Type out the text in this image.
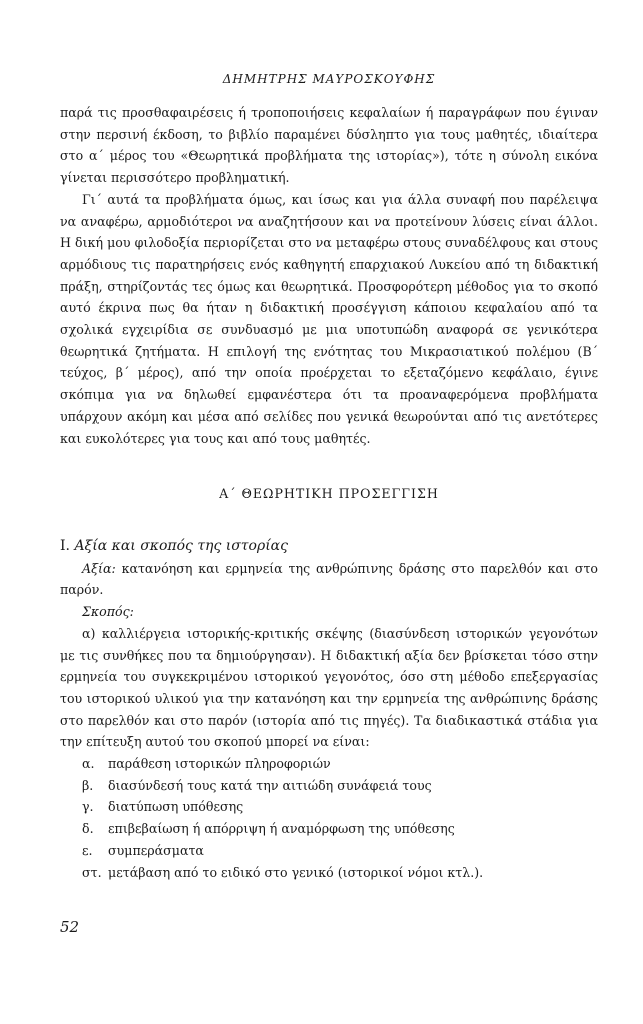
ΔΗΜΗΤΡΗΣ ΜΑΥΡΟΣΚΟΥΦΗΣ

παρά τις προσθαφαιρέσεις ή τροποποιήσεις κεφαλαίων ή παραγράφων που έγιναν στην περσινή έκδοση, το βιβλίο παραμένει δύσληπτο για τους μαθητές, ιδιαίτερα στο α΄ μέρος του «Θεωρητικά προβλήματα της ιστορίας»), τότε η σύνολη εικόνα γίνεται περισσότερο προβληματική.

Γι΄ αυτά τα προβλήματα όμως, και ίσως και για άλλα συναφή που παρέλειψα να αναφέρω, αρμοδιότεροι να αναζητήσουν και να προτείνουν λύσεις είναι άλλοι. Η δική μου φιλοδοξία περιορίζεται στο να μεταφέρω στους συναδέλφους και στους αρμόδιους τις παρατηρήσεις ενός καθηγητή επαρχιακού Λυκείου από τη διδακτική πράξη, στηρίζοντάς τες όμως και θεωρητικά. Προσφορότερη μέθοδος για το σκοπό αυτό έκρινα πως θα ήταν η διδακτική προσέγγιση κάποιου κεφαλαίου από τα σχολικά εγχειρίδια σε συνδυασμό με μια υποτυπώδη αναφορά σε γενικότερα θεωρητικά ζητήματα. Η επιλογή της ενότητας του Μικρασιατικού πολέμου (Β΄ τεύχος, β΄ μέρος), από την οποία προέρχεται το εξεταζόμενο κεφάλαιο, έγινε σκόπιμα για να δηλωθεί εμφανέστερα ότι τα προαναφερόμενα προβλήματα υπάρχουν ακόμη και μέσα από σελίδες που γενικά θεωρούνται από τις ανετότερες και ευκολότερες για τους και από τους μαθητές.

Α΄ ΘΕΩΡΗΤΙΚΗ ΠΡΟΣΕΓΓΙΣΗ

Ι. Αξία και σκοπός της ιστορίας

Αξία: κατανόηση και ερμηνεία της ανθρώπινης δράσης στο παρελθόν και στο παρόν.

Σκοπός:

α) καλλιέργεια ιστορικής-κριτικής σκέψης (διασύνδεση ιστορικών γεγονότων με τις συνθήκες που τα δημιούργησαν). Η διδακτική αξία δεν βρίσκεται τόσο στην ερμηνεία του συγκεκριμένου ιστορικού γεγονότος, όσο στη μέθοδο επεξεργασίας του ιστορικού υλικού για την κατανόηση και την ερμηνεία της ανθρώπινης δράσης στο παρελθόν και στο παρόν (ιστορία από τις πηγές). Τα διαδικαστικά στάδια για την επίτευξη αυτού του σκοπού μπορεί να είναι:

α. παράθεση ιστορικών πληροφοριών
β. διασύνδεσή τους κατά την αιτιώδη συνάφειά τους
γ. διατύπωση υπόθεσης
δ. επιβεβαίωση ή απόρριψη ή αναμόρφωση της υπόθεσης
ε. συμπεράσματα
στ. μετάβαση από το ειδικό στο γενικό (ιστορικοί νόμοι κτλ.).
52
